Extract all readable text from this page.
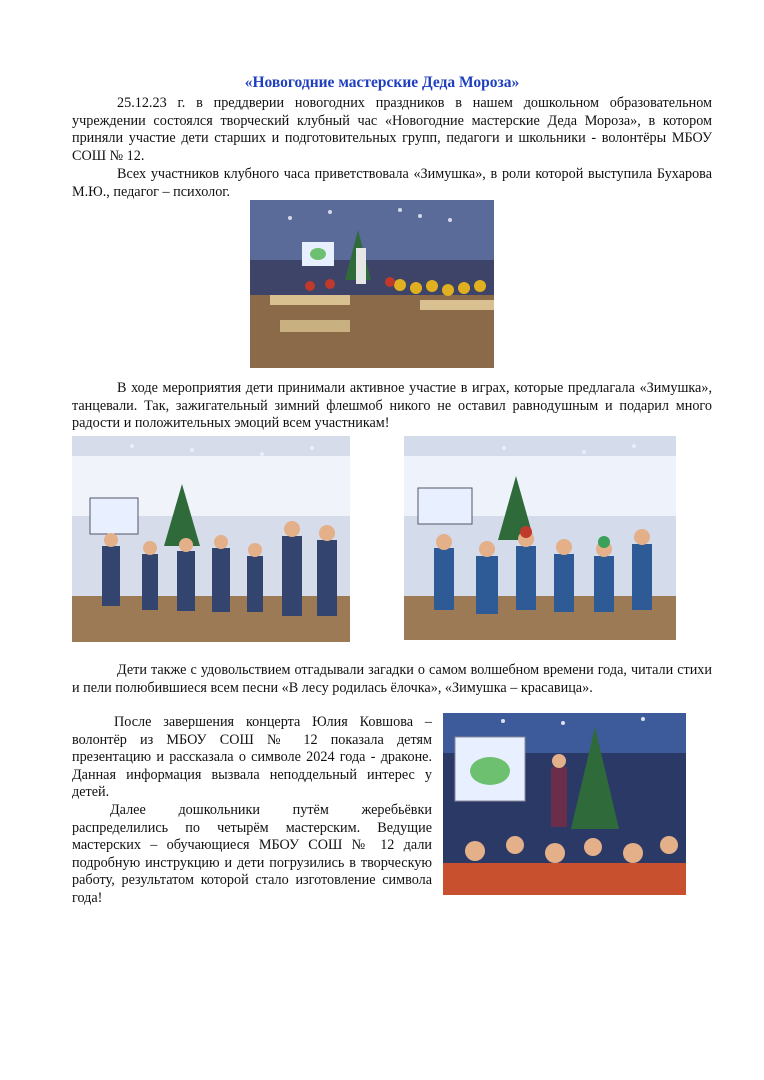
«Новогодние мастерские Деда Мороза»

25.12.23 г. в преддверии новогодних праздников в нашем дошкольном образовательном учреждении состоялся творческий клубный час «Новогодние мастерские Деда Мороза», в котором приняли участие дети старших и подготовительных групп, педагоги и школьники - волонтёры МБОУ СОШ № 12.

Всех участников клубного часа приветствовала «Зимушка», в роли которой выступила Бухарова М.Ю., педагог – психолог.

В ходе мероприятия дети принимали активное участие в играх, которые предлагала «Зимушка», танцевали. Так, зажигательный зимний флешмоб никого не оставил равнодушным и подарил много радости и положительных эмоций всем участникам!

Дети также с удовольствием отгадывали загадки о самом волшебном времени года, читали стихи и пели полюбившиеся всем песни «В лесу родилась ёлочка», «Зимушка – красавица».

После завершения концерта Юлия Ковшова – волонтёр из МБОУ СОШ № 12 показала детям презентацию и рассказала о символе 2024 года - драконе. Данная информация вызвала неподдельный интерес у детей.

Далее дошкольники путём жеребьёвки распределились по четырём мастерским. Ведущие мастерских – обучающиеся МБОУ СОШ № 12 дали подробную инструкцию и дети погрузились в творческую работу, результатом которой стало изготовление символа года!
